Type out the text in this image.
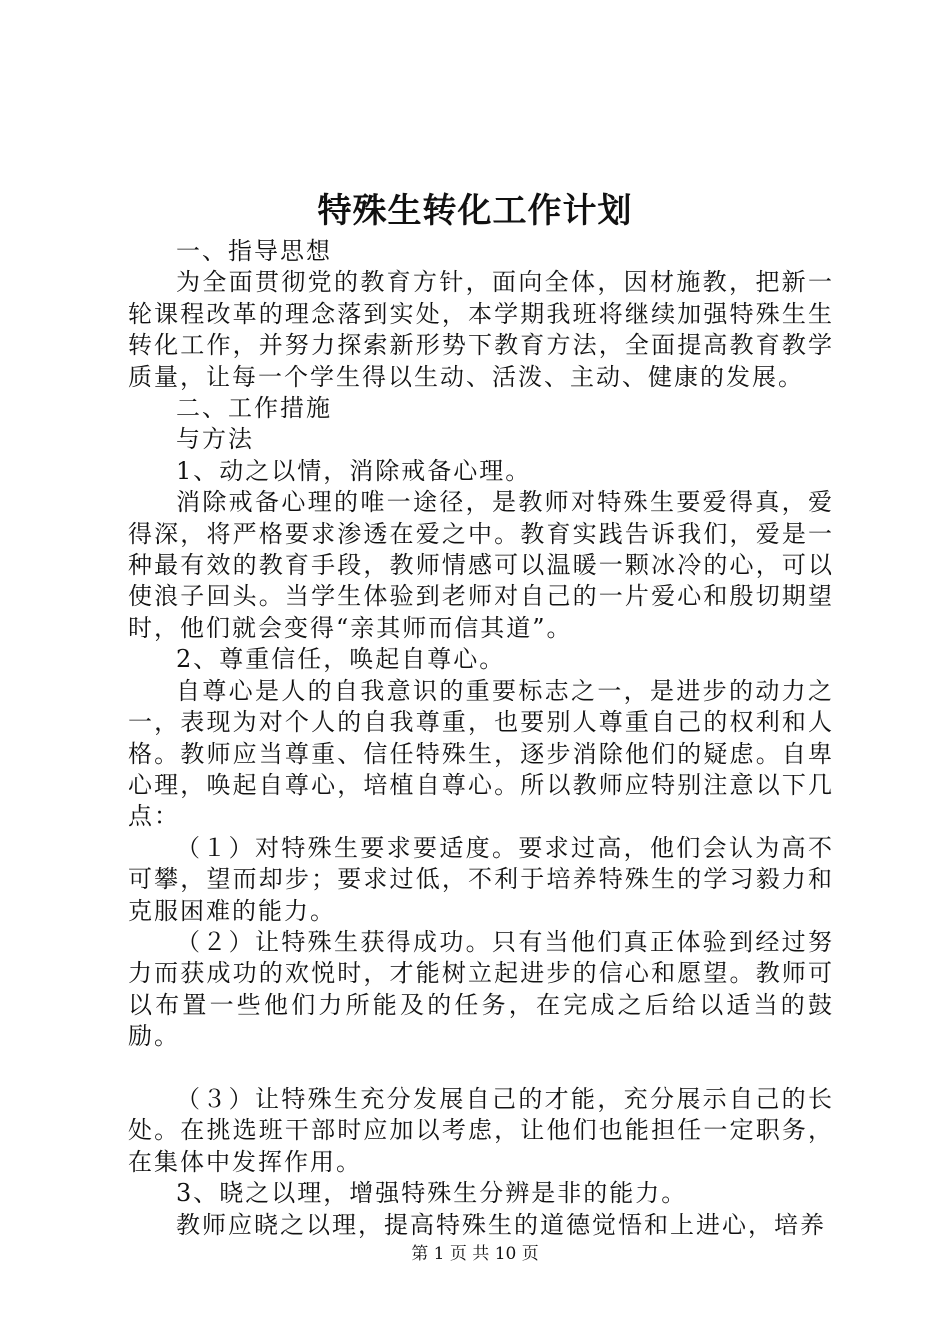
特殊生转化工作计划

一、指导思想

为全面贯彻党的教育方针，面向全体，因材施教，把新一轮课程改革的理念落到实处，本学期我班将继续加强特殊生生转化工作，并努力探索新形势下教育方法，全面提高教育教学质量，让每一个学生得以生动、活泼、主动、健康的发展。

二、工作措施

与方法

1、动之以情，消除戒备心理。

消除戒备心理的唯一途径，是教师对特殊生要爱得真，爱得深，将严格要求渗透在爱之中。教育实践告诉我们，爱是一种最有效的教育手段，教师情感可以温暖一颗冰冷的心，可以使浪子回头。当学生体验到老师对自己的一片爱心和殷切期望时，他们就会变得“亲其师而信其道”。

2、尊重信任，唤起自尊心。

自尊心是人的自我意识的重要标志之一，是进步的动力之一，表现为对个人的自我尊重，也要别人尊重自己的权利和人格。教师应当尊重、信任特殊生，逐步消除他们的疑虑。自卑心理，唤起自尊心，培植自尊心。所以教师应特别注意以下几点：

（１）对特殊生要求要适度。要求过高，他们会认为高不可攀，望而却步；要求过低，不利于培养特殊生的学习毅力和克服困难的能力。

（２）让特殊生获得成功。只有当他们真正体验到经过努力而获成功的欢悦时，才能树立起进步的信心和愿望。教师可以布置一些他们力所能及的任务，在完成之后给以适当的鼓励。

（３）让特殊生充分发展自己的才能，充分展示自己的长处。在挑选班干部时应加以考虑，让他们也能担任一定职务，在集体中发挥作用。

3、晓之以理，增强特殊生分辨是非的能力。

教师应晓之以理，提高特殊生的道德觉悟和上进心，培养

第 1 页 共 10 页
